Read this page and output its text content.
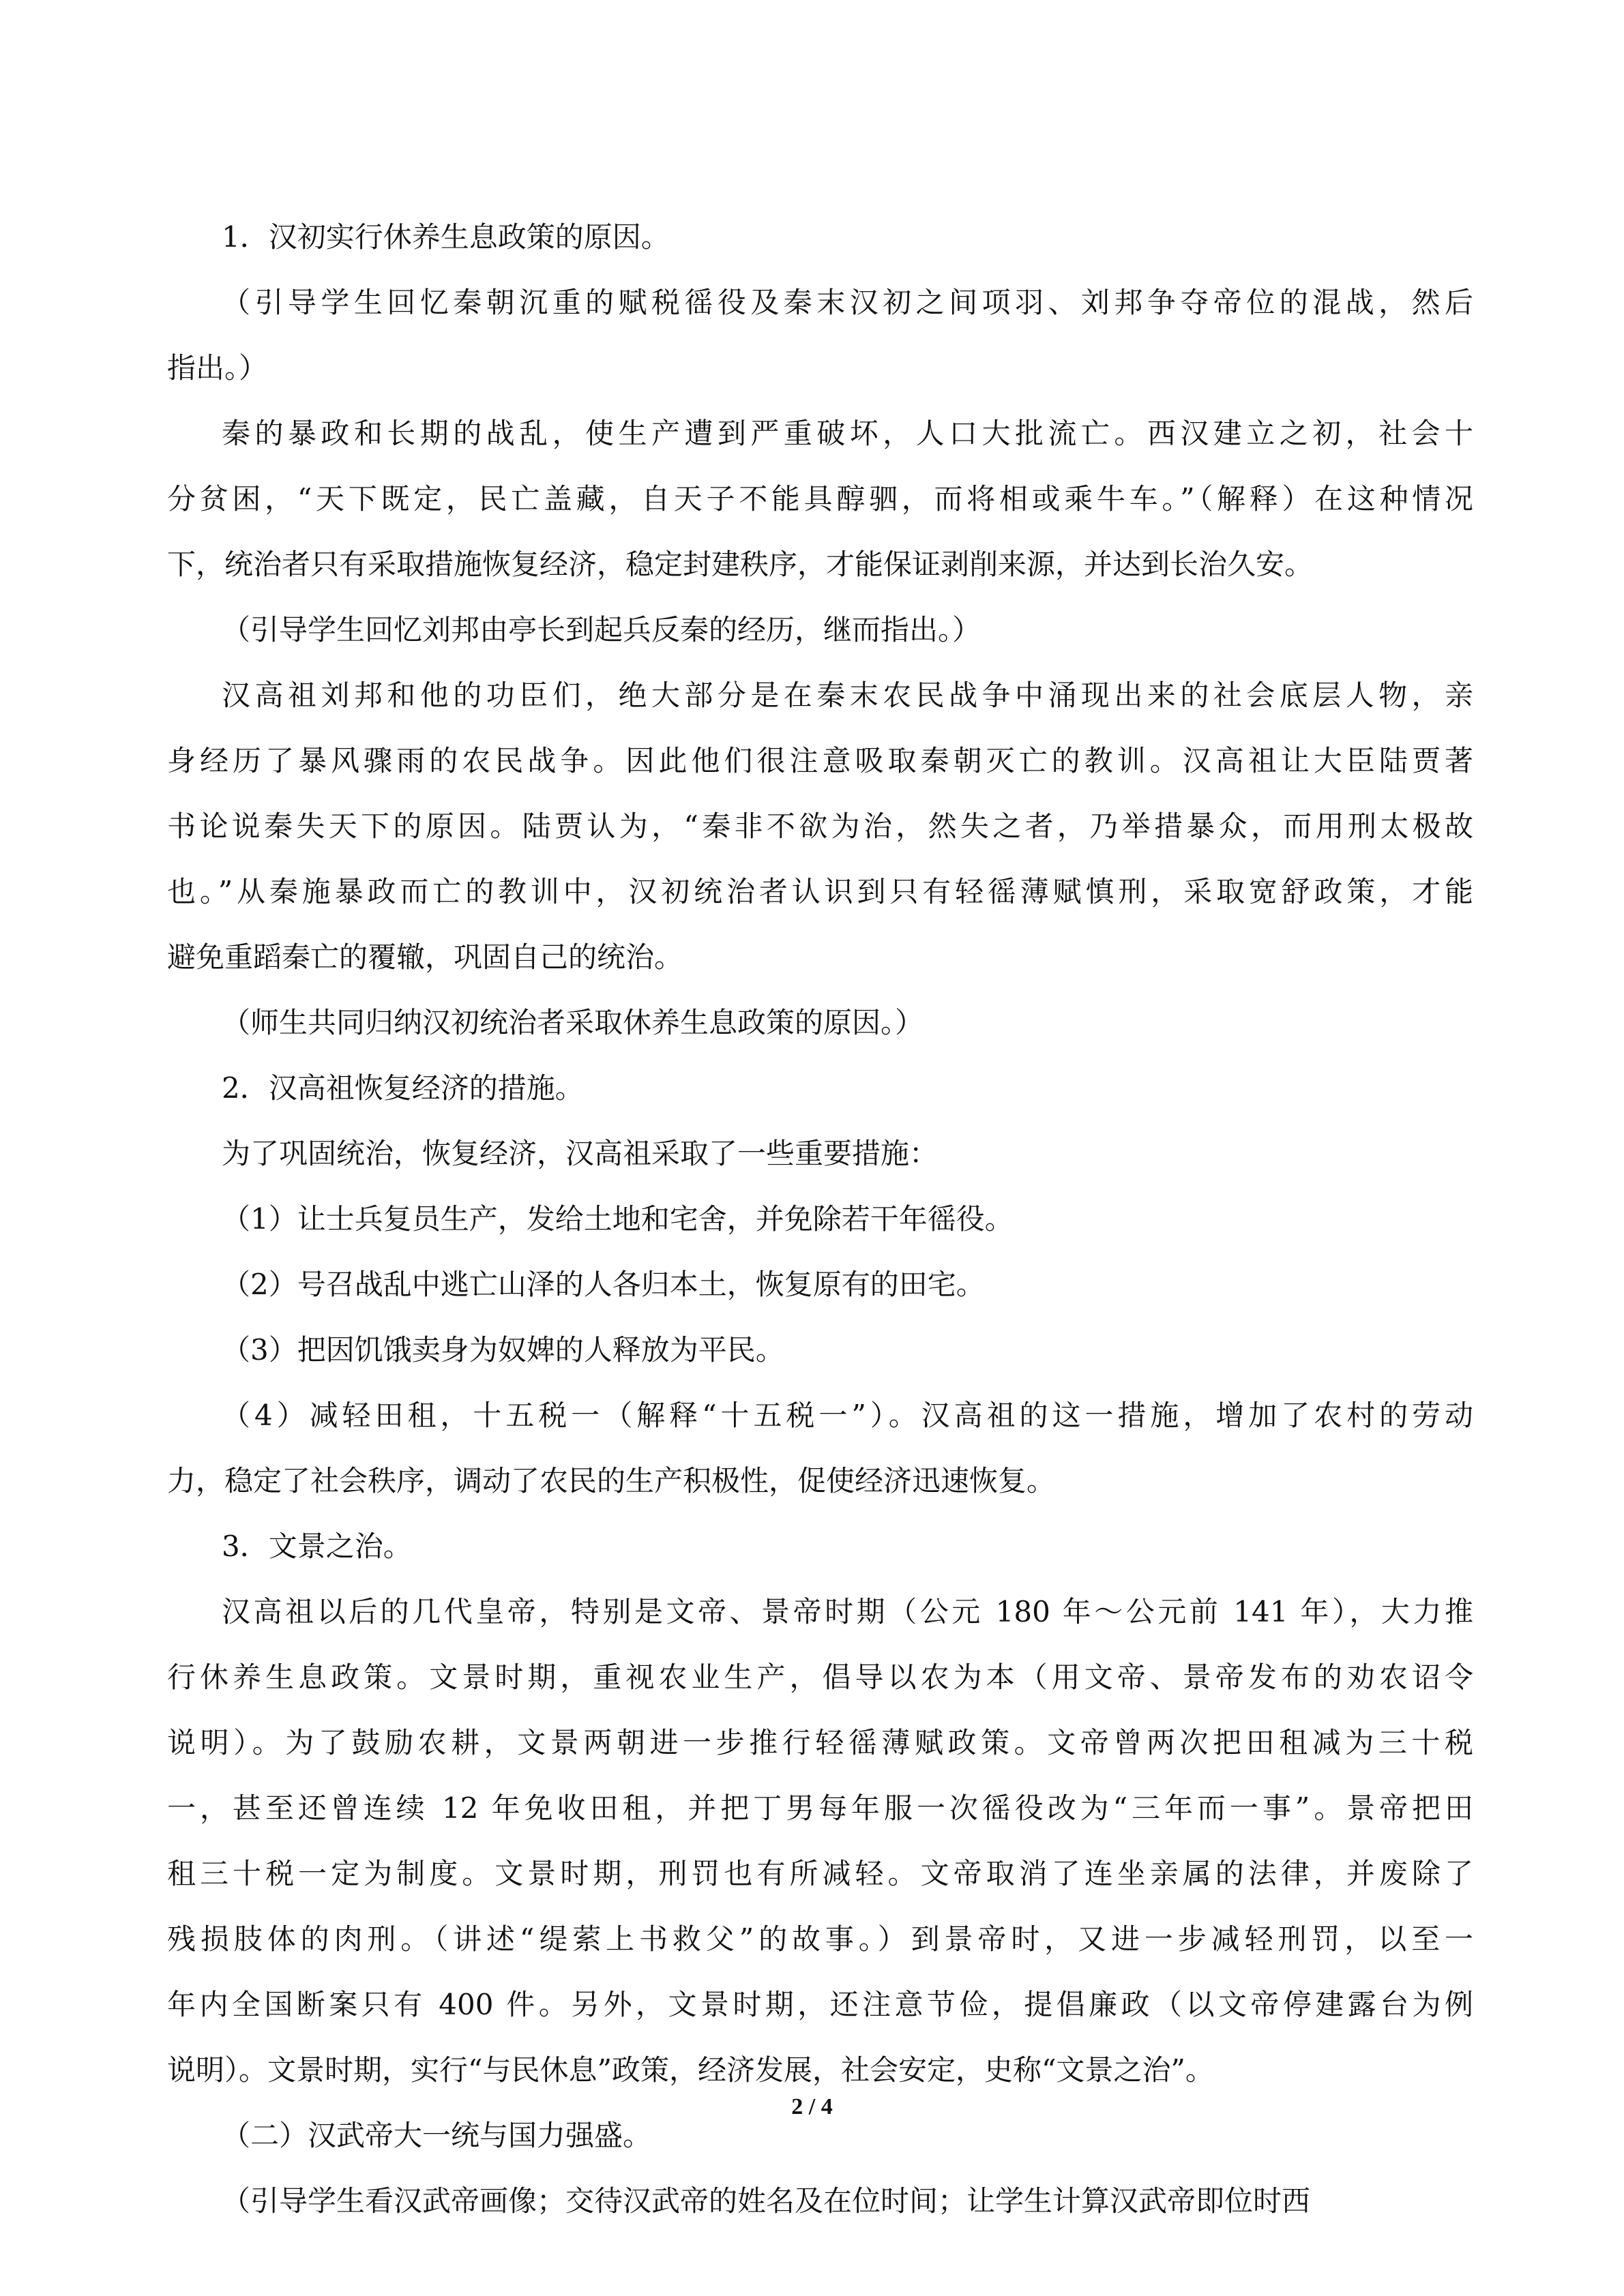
1．汉初实行休养生息政策的原因。
（引导学生回忆秦朝沉重的赋税徭役及秦末汉初之间项羽、刘邦争夺帝位的混战，然后
指出。）
秦的暴政和长期的战乱，使生产遭到严重破坏，人口大批流亡。西汉建立之初，社会十
分贫困，“天下既定，民亡盖藏，自天子不能具醇驷，而将相或乘牛车。”（解释）在这种情况
下，统治者只有采取措施恢复经济，稳定封建秩序，才能保证剥削来源，并达到长治久安。
（引导学生回忆刘邦由亭长到起兵反秦的经历，继而指出。）
汉高祖刘邦和他的功臣们，绝大部分是在秦末农民战争中涌现出来的社会底层人物，亲
身经历了暴风骤雨的农民战争。因此他们很注意吸取秦朝灭亡的教训。汉高祖让大臣陆贾著
书论说秦失天下的原因。陆贾认为，“秦非不欲为治，然失之者，乃举措暴众，而用刑太极故
也。”从秦施暴政而亡的教训中，汉初统治者认识到只有轻徭薄赋慎刑，采取宽舒政策，才能
避免重蹈秦亡的覆辙，巩固自己的统治。
（师生共同归纳汉初统治者采取休养生息政策的原因。）
2．汉高祖恢复经济的措施。
为了巩固统治，恢复经济，汉高祖采取了一些重要措施：
（1）让士兵复员生产，发给土地和宅舍，并免除若干年徭役。
（2）号召战乱中逃亡山泽的人各归本土，恢复原有的田宅。
（3）把因饥饿卖身为奴婢的人释放为平民。
（4）减轻田租，十五税一（解释“十五税一”）。汉高祖的这一措施，增加了农村的劳动
力，稳定了社会秩序，调动了农民的生产积极性，促使经济迅速恢复。
3．文景之治。
汉高祖以后的几代皇帝，特别是文帝、景帝时期（公元 180 年～公元前 141 年），大力推
行休养生息政策。文景时期，重视农业生产，倡导以农为本（用文帝、景帝发布的劝农诏令
说明）。为了鼓励农耕，文景两朝进一步推行轻徭薄赋政策。文帝曾两次把田租减为三十税
一，甚至还曾连续 12 年免收田租，并把丁男每年服一次徭役改为“三年而一事”。景帝把田
租三十税一定为制度。文景时期，刑罚也有所减轻。文帝取消了连坐亲属的法律，并废除了
残损肢体的肉刑。（讲述“缇萦上书救父”的故事。）到景帝时，又进一步减轻刑罚，以至一
年内全国断案只有 400 件。另外，文景时期，还注意节俭，提倡廉政（以文帝停建露台为例
说明）。文景时期，实行“与民休息”政策，经济发展，社会安定，史称“文景之治”。
（二）汉武帝大一统与国力强盛。
（引导学生看汉武帝画像；交待汉武帝的姓名及在位时间；让学生计算汉武帝即位时西
2 / 4
